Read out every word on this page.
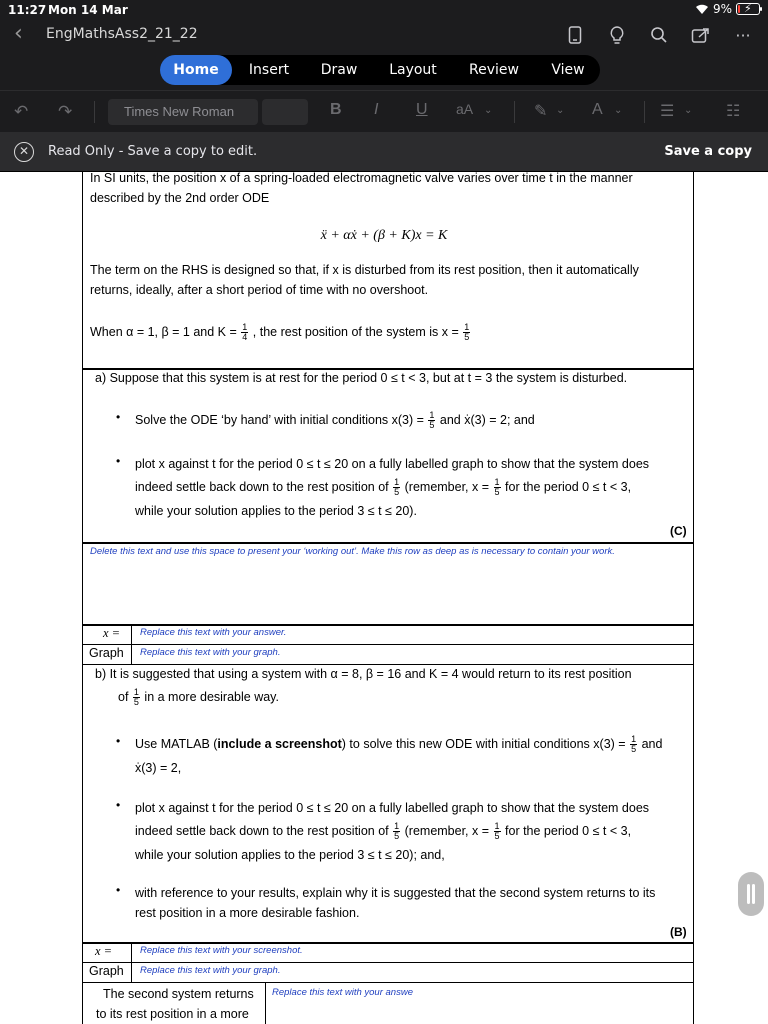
11:27 Mon 14 Mar	9% ⚡
‹ EngMathsAss2_21_22	···
Home	Insert	Draw	Layout	Review	View
↶ ↷	Times New Roman	B I U aA ⌄	✎ ⌄ A ⌄ ☰ ⌄ ☷
✕	Read Only - Save a copy to edit.	Save a copy
In SI units, the position x of a spring-loaded electromagnetic valve varies over time t in the manner
described by the 2nd order ODE
ẍ + αẋ + (β + K)x = K
The term on the RHS is designed so that, if x is disturbed from its rest position, then it automatically
returns, ideally, after a short period of time with no overshoot.
When α = 1, β = 1 and $K = \frac{1}{4}$ , the rest position of the system is $x = \frac{1}{5}$
a) Suppose that this system is at rest for the period 0 ≤ t < 3, but at t = 3 the system is disturbed.
• Solve the ODE ‘by hand’ with initial conditions $x(3) = \frac{1}{5}$ and ẋ(3) = 2; and
• plot x against t for the period 0 ≤ t ≤ 20 on a fully labelled graph to show that the system does
indeed settle back down to the rest position of $\frac{1}{5}$ (remember, $x = \frac{1}{5}$ for the period 0 ≤ t < 3,
while your solution applies to the period 3 ≤ t ≤ 20).
(C)
Delete this text and use this space to present your ‘working out’. Make this row as deep as is necessary to contain your work.
x = Replace this text with your answer.
Graph Replace this text with your graph.
b) It is suggested that using a system with α = 8, β = 16 and K = 4 would return to its rest position
of $\frac{1}{5}$ in a more desirable way.
• Use MATLAB (include a screenshot) to solve this new ODE with initial conditions $x(3) = \frac{1}{5}$ and
ẋ(3) = 2,
• plot x against t for the period 0 ≤ t ≤ 20 on a fully labelled graph to show that the system does
indeed settle back down to the rest position of $\frac{1}{5}$ (remember, $x = \frac{1}{5}$ for the period 0 ≤ t < 3,
while your solution applies to the period 3 ≤ t ≤ 20); and,
• with reference to your results, explain why it is suggested that the second system returns to its
rest position in a more desirable fashion.
(B)
x =	Replace this text with your screenshot.
Graph Replace this text with your graph.
The second system returns
to its rest position in a more
Replace this text with your answe
